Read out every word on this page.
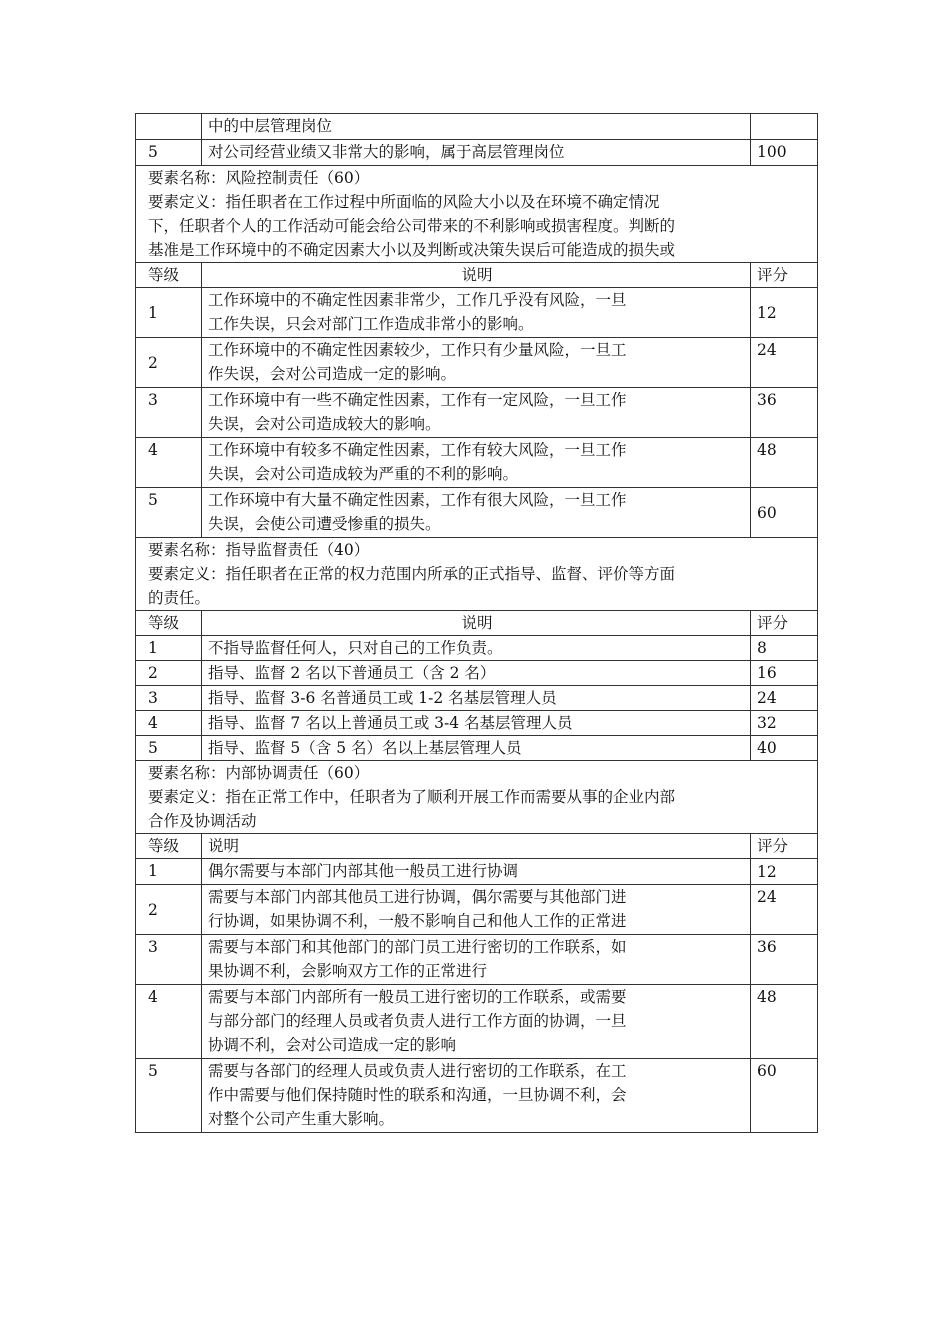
	中的中层管理岗位	
5	对公司经营业绩又非常大的影响，属于高层管理岗位	100

要素名称：风险控制责任（60）
要素定义：指任职者在工作过程中所面临的风险大小以及在环境不确定情况
下，任职者个人的工作活动可能会给公司带来的不利影响或损害程度。判断的
基准是工作环境中的不确定因素大小以及判断或决策失误后可能造成的损失或		

等级	说明	评分
1	工作环境中的不确定性因素非常少，工作几乎没有风险，一旦
工作失误，只会对部门工作造成非常小的影响。	12
2	工作环境中的不确定性因素较少，工作只有少量风险，一旦工
作失误，会对公司造成一定的影响。	24
3	工作环境中有一些不确定性因素，工作有一定风险，一旦工作
失误，会对公司造成较大的影响。	36
4	工作环境中有较多不确定性因素，工作有较大风险，一旦工作
失误，会对公司造成较为严重的不利的影响。	48
5	工作环境中有大量不确定性因素，工作有很大风险，一旦工作
失误，会使公司遭受惨重的损失。	60

要素名称：指导监督责任（40）
要素定义：指任职者在正常的权力范围内所承的正式指导、监督、评价等方面
的责任。		

等级	说明	评分
1	不指导监督任何人，只对自己的工作负责。	8
2	指导、监督 2 名以下普通员工（含 2 名）	16
3	指导、监督 3-6 名普通员工或 1-2 名基层管理人员	24
4	指导、监督 7 名以上普通员工或 3-4 名基层管理人员	32
5	指导、监督 5（含 5 名）名以上基层管理人员	40

要素名称：内部协调责任（60）
要素定义：指在正常工作中，任职者为了顺利开展工作而需要从事的企业内部
合作及协调活动		

等级	说明	评分
1	偶尔需要与本部门内部其他一般员工进行协调	12
2	需要与本部门内部其他员工进行协调，偶尔需要与其他部门进
行协调，如果协调不利，一般不影响自己和他人工作的正常进	24
3	需要与本部门和其他部门的部门员工进行密切的工作联系，如
果协调不利，会影响双方工作的正常进行	36
4	需要与本部门内部所有一般员工进行密切的工作联系，或需要
与部分部门的经理人员或者负责人进行工作方面的协调，一旦
协调不利，会对公司造成一定的影响	48
5	需要与各部门的经理人员或负责人进行密切的工作联系，在工
作中需要与他们保持随时性的联系和沟通，一旦协调不利，会
对整个公司产生重大影响。	60
